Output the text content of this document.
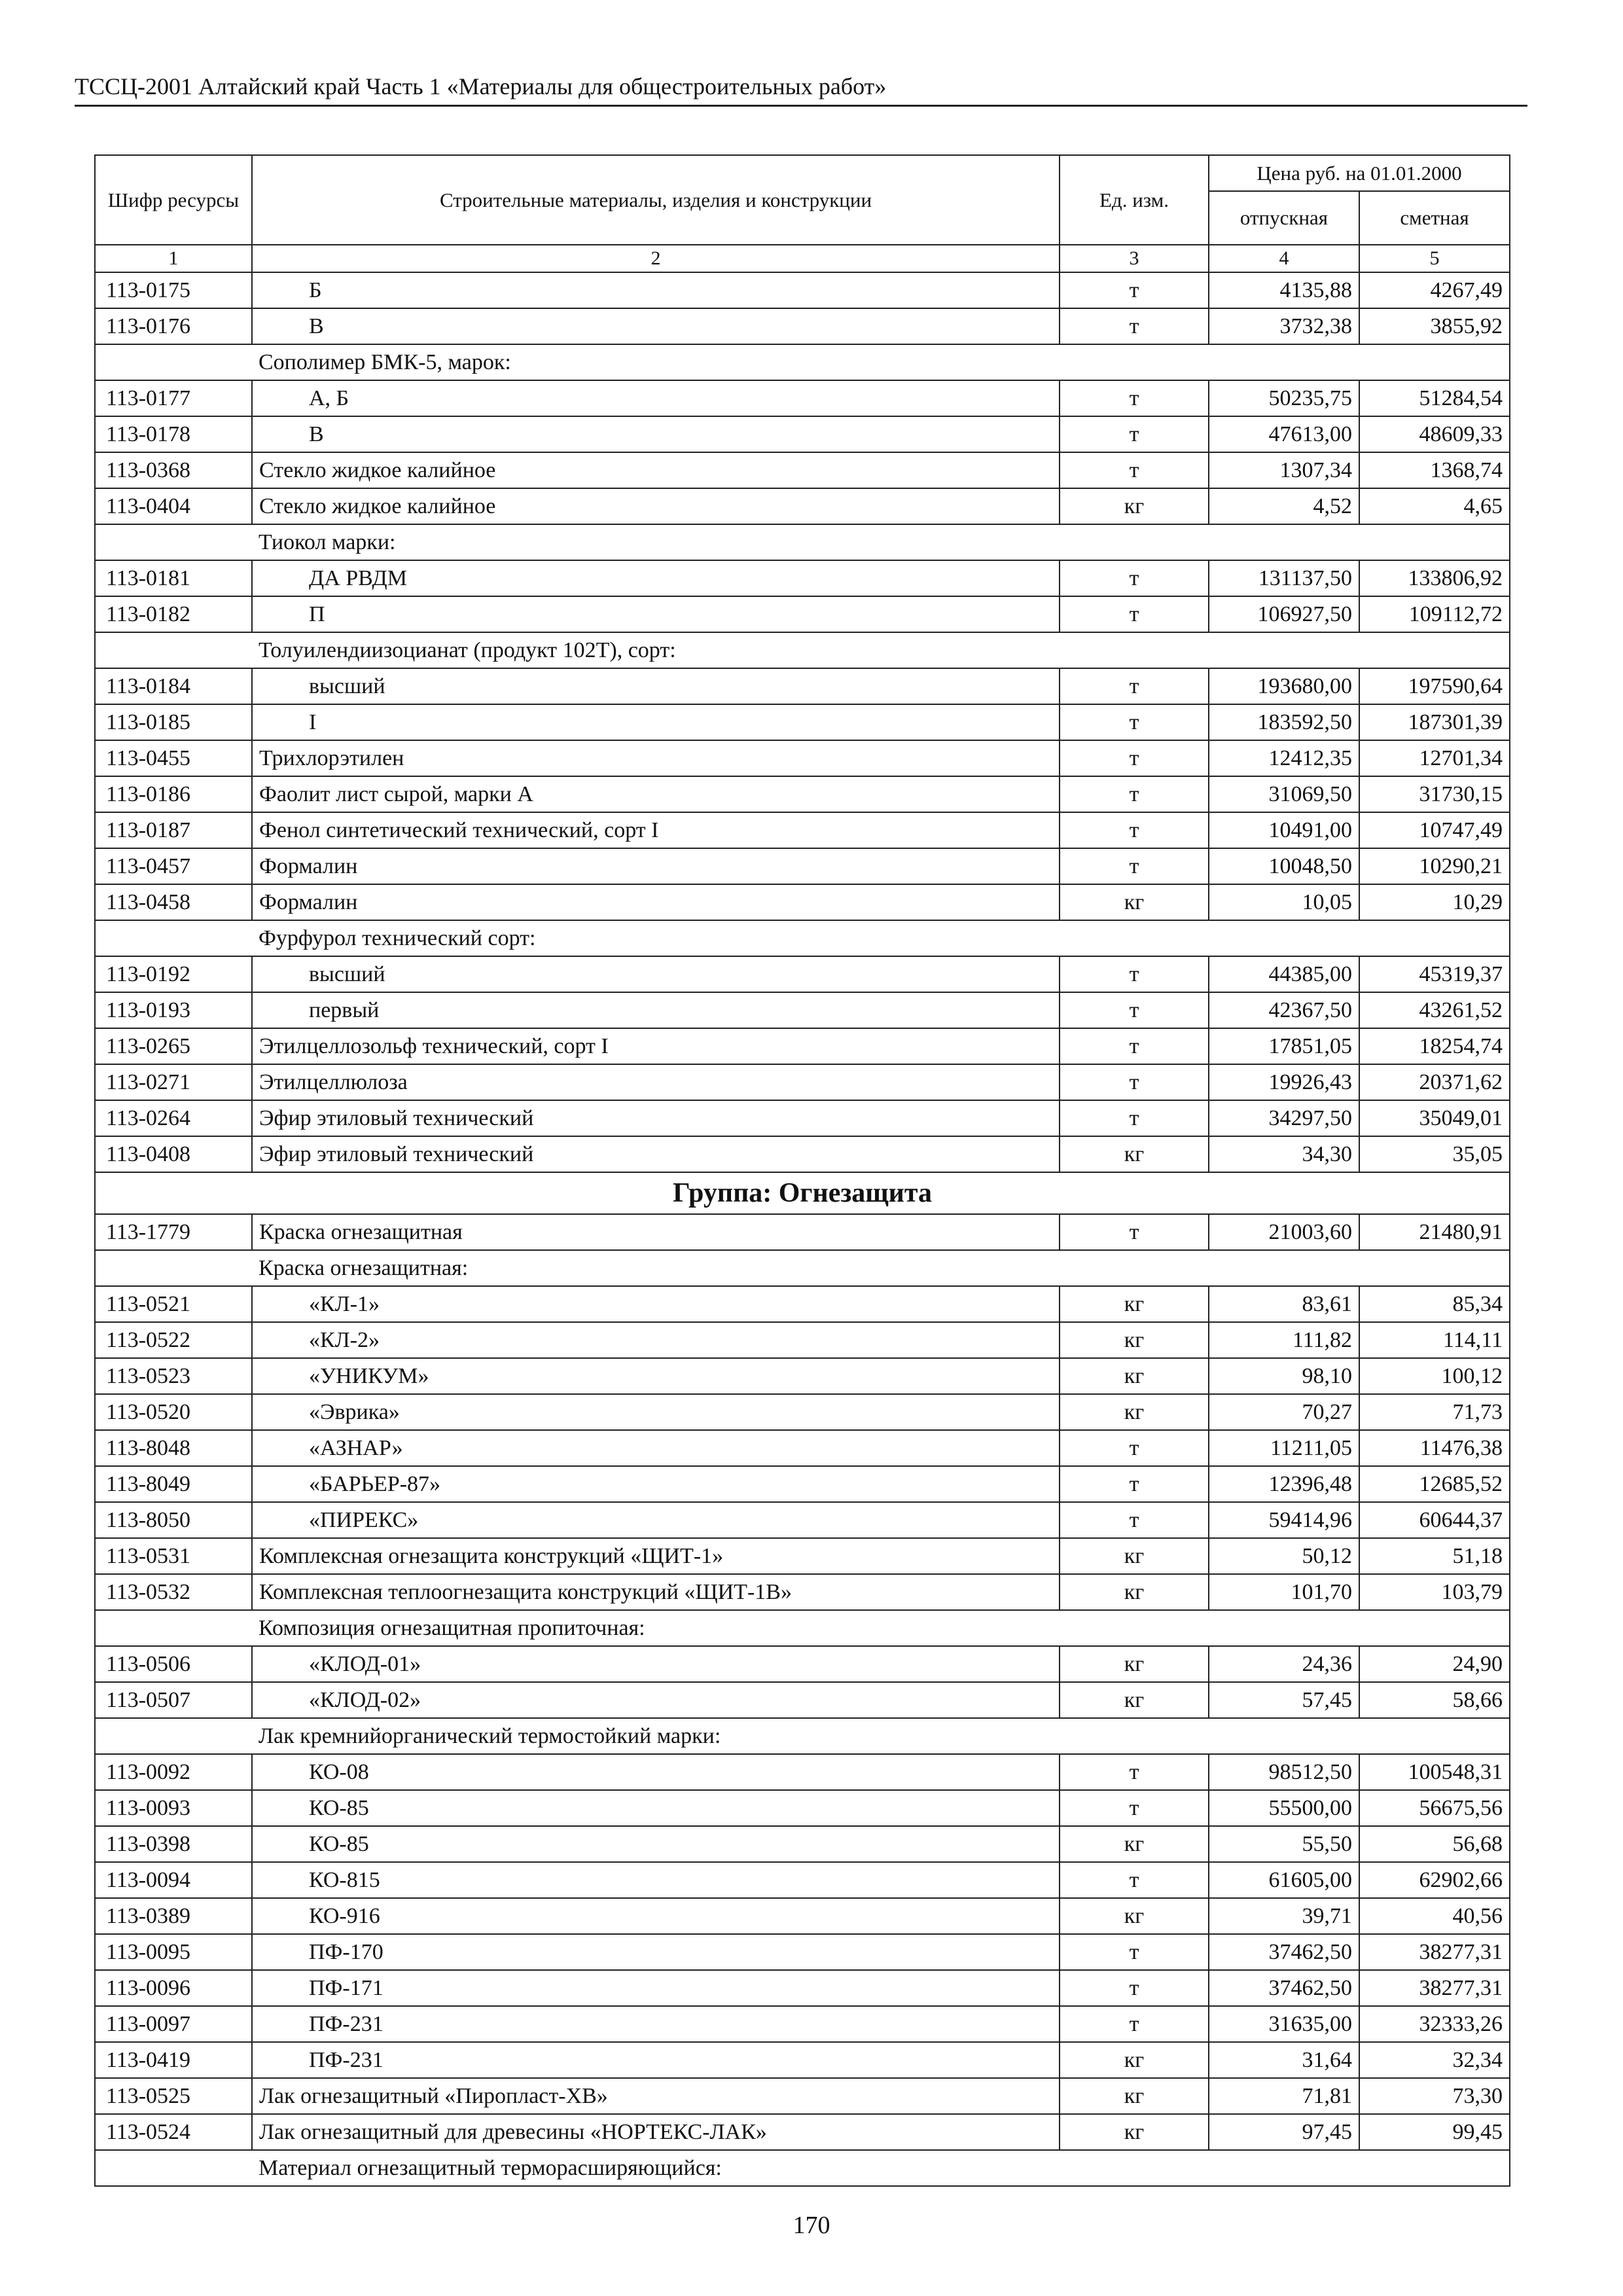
ТССЦ-2001 Алтайский край Часть 1 «Материалы для общестроительных работ»
Шифр ресурсы	Строительные материалы, изделия и конструкции	Ед. изм.	Цена руб. на 01.01.2000	
			отпускная	сметная
1	2	3	4	5
113-0175	Б	т	4135,88	4267,49
113-0176	В	т	3732,38	3855,92
	Сополимер БМК-5, марок:			
113-0177	А, Б	т	50235,75	51284,54
113-0178	В	т	47613,00	48609,33
113-0368	Стекло жидкое калийное	т	1307,34	1368,74
113-0404	Стекло жидкое калийное	кг	4,52	4,65
	Тиокол марки:			
113-0181	ДА РВДМ	т	131137,50	133806,92
113-0182	П	т	106927,50	109112,72
	Толуилендиизоцианат (продукт 102Т), сорт:			
113-0184	высший	т	193680,00	197590,64
113-0185	I	т	183592,50	187301,39
113-0455	Трихлорэтилен	т	12412,35	12701,34
113-0186	Фаолит лист сырой, марки А	т	31069,50	31730,15
113-0187	Фенол синтетический технический, сорт I	т	10491,00	10747,49
113-0457	Формалин	т	10048,50	10290,21
113-0458	Формалин	кг	10,05	10,29
	Фурфурол технический сорт:			
113-0192	высший	т	44385,00	45319,37
113-0193	первый	т	42367,50	43261,52
113-0265	Этилцеллозольф технический, сорт I	т	17851,05	18254,74
113-0271	Этилцеллюлоза	т	19926,43	20371,62
113-0264	Эфир этиловый технический	т	34297,50	35049,01
113-0408	Эфир этиловый технический	кг	34,30	35,05
Группа: Огнезащита				
113-1779	Краска огнезащитная	т	21003,60	21480,91
	Краска огнезащитная:			
113-0521	«КЛ-1»	кг	83,61	85,34
113-0522	«КЛ-2»	кг	111,82	114,11
113-0523	«УНИКУМ»	кг	98,10	100,12
113-0520	«Эврика»	кг	70,27	71,73
113-8048	«АЗНАР»	т	11211,05	11476,38
113-8049	«БАРЬЕР-87»	т	12396,48	12685,52
113-8050	«ПИРЕКС»	т	59414,96	60644,37
113-0531	Комплексная огнезащита конструкций «ЩИТ-1»	кг	50,12	51,18
113-0532	Комплексная теплоогнезащита конструкций «ЩИТ-1В»	кг	101,70	103,79
	Композиция огнезащитная пропиточная:			
113-0506	«КЛОД-01»	кг	24,36	24,90
113-0507	«КЛОД-02»	кг	57,45	58,66
	Лак кремнийорганический термостойкий марки:			
113-0092	КО-08	т	98512,50	100548,31
113-0093	КО-85	т	55500,00	56675,56
113-0398	КО-85	кг	55,50	56,68
113-0094	КО-815	т	61605,00	62902,66
113-0389	КО-916	кг	39,71	40,56
113-0095	ПФ-170	т	37462,50	38277,31
113-0096	ПФ-171	т	37462,50	38277,31
113-0097	ПФ-231	т	31635,00	32333,26
113-0419	ПФ-231	кг	31,64	32,34
113-0525	Лак огнезащитный «Пиропласт-ХВ»	кг	71,81	73,30
113-0524	Лак огнезащитный для древесины «НОРТЕКС-ЛАК»	кг	97,45	99,45
	Материал огнезащитный терморасширяющийся:			
170
